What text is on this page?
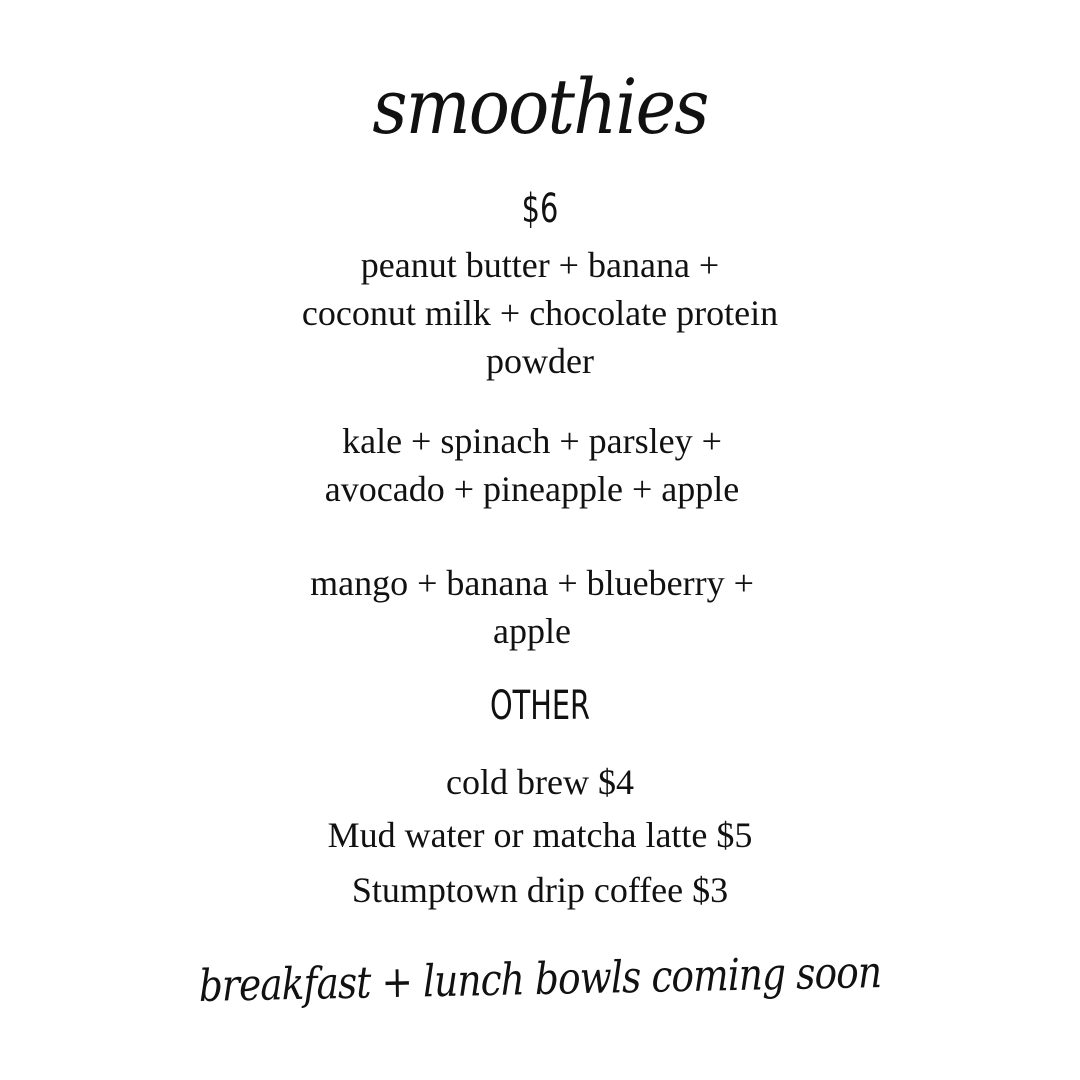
smoothies
$6
peanut butter + banana +
coconut milk + chocolate protein
powder
kale + spinach + parsley +
avocado + pineapple + apple
mango + banana + blueberry +
apple
OTHER
cold brew $4
Mud water or matcha latte $5
Stumptown drip coffee $3
breakfast + lunch bowls coming soon
